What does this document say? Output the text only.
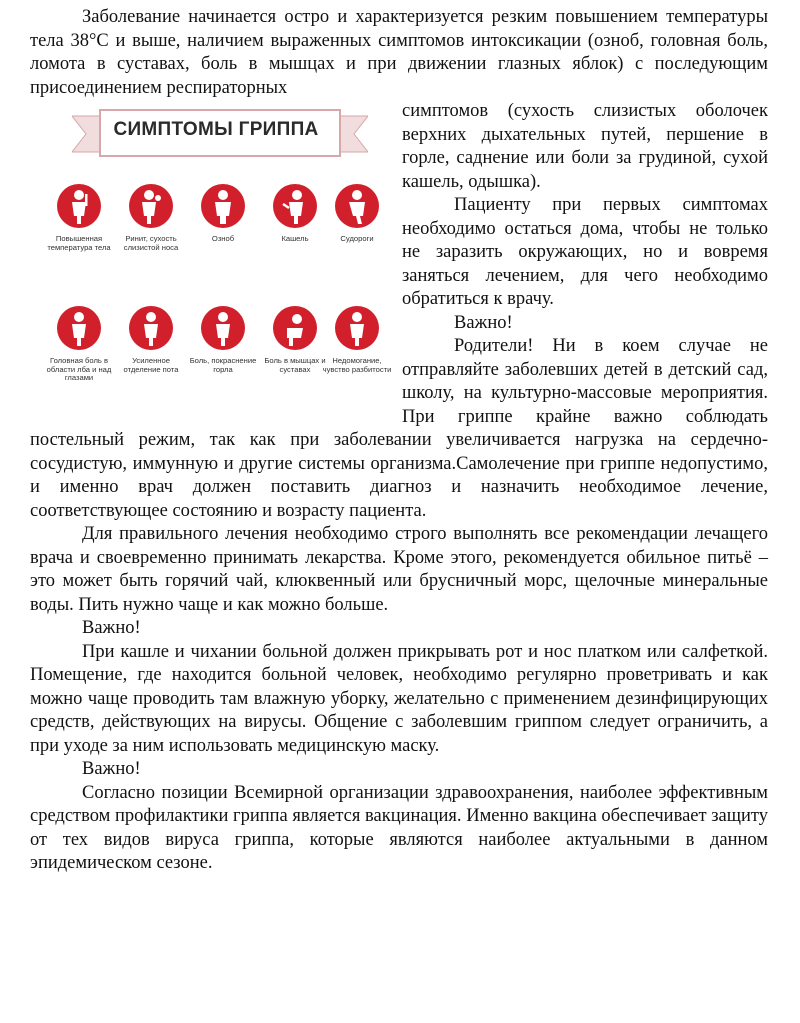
Заболевание начинается остро и характеризуется резким повышением температуры тела 38°С и выше, наличием выраженных симптомов интоксикации (озноб, головная боль, ломота в суставах, боль в мышцах и при движении глазных яблок) с последующим присоединением респираторных

СИМПТОМЫ ГРИППА
Повышенная температура тела
Ринит, сухость слизистой носа
Озноб	Кашель	Судороги
Головная боль в области лба и над глазами
Усиленное отделение пота
Боль, покраснение горла
Боль в мышцах и суставах
Недомогание, чувство разбитости

симптомов (сухость слизистых оболочек верхних дыхательных путей, першение в горле, саднение или боли за грудиной, сухой кашель, одышка).

Пациенту при первых симптомах необходимо остаться дома, чтобы не только не заразить окружающих, но и вовремя заняться лечением, для чего необходимо обратиться к врачу.

Важно!

Родители! Ни в коем случае не отправляйте заболевших детей в детский сад, школу, на культурно-массовые мероприятия. При гриппе крайне важно соблюдать постельный режим, так как при заболевании увеличивается нагрузка на сердечно-сосудистую, иммунную и другие системы организма.Самолечение при гриппе недопустимо, и именно врач должен поставить диагноз и назначить необходимое лечение, соответствующее состоянию и возрасту пациента.

Для правильного лечения необходимо строго выполнять все рекомендации лечащего врача и своевременно принимать лекарства. Кроме этого, рекомендуется обильное питьё – это может быть горячий чай, клюквенный или брусничный морс, щелочные минеральные воды. Пить нужно чаще и как можно больше.

Важно!

При кашле и чихании больной должен прикрывать рот и нос платком или салфеткой. Помещение, где находится больной человек, необходимо регулярно проветривать и как можно чаще проводить там влажную уборку, желательно с применением дезинфицирующих средств, действующих на вирусы. Общение с заболевшим гриппом следует ограничить, а при уходе за ним использовать медицинскую маску.

Важно!

Согласно позиции Всемирной организации здравоохранения, наиболее эффективным средством профилактики гриппа является вакцинация. Именно вакцина обеспечивает защиту от тех видов вируса гриппа, которые являются наиболее актуальными в данном эпидемическом сезоне.
